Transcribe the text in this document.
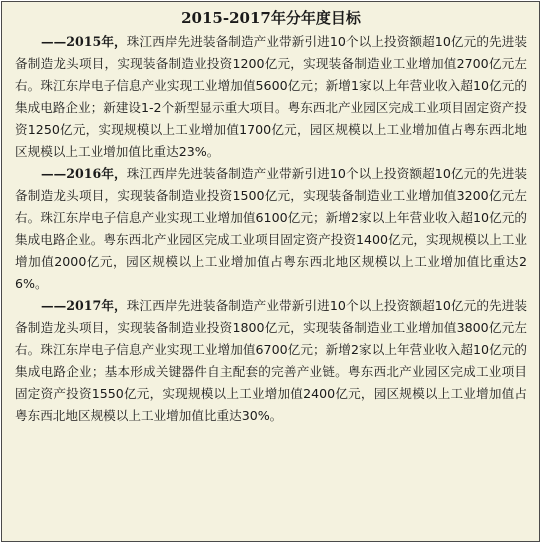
2015-2017年分年度目标

——2015年，珠江西岸先进装备制造产业带新引进10个以上投资额超10亿元的先进装备制造龙头项目，实现装备制造业投资1200亿元，实现装备制造业工业增加值2700亿元左右。珠江东岸电子信息产业实现工业增加值5600亿元；新增1家以上年营业收入超10亿元的集成电路企业；新建设1-2个新型显示重大项目。粤东西北产业园区完成工业项目固定资产投资1250亿元，实现规模以上工业增加值1700亿元，园区规模以上工业增加值占粤东西北地区规模以上工业增加值比重达23%。

——2016年，珠江西岸先进装备制造产业带新引进10个以上投资额超10亿元的先进装备制造龙头项目，实现装备制造业投资1500亿元，实现装备制造业工业增加值3200亿元左右。珠江东岸电子信息产业实现工业增加值6100亿元；新增2家以上年营业收入超10亿元的集成电路企业。粤东西北产业园区完成工业项目固定资产投资1400亿元，实现规模以上工业增加值2000亿元，园区规模以上工业增加值占粤东西北地区规模以上工业增加值比重达26%。

——2017年，珠江西岸先进装备制造产业带新引进10个以上投资额超10亿元的先进装备制造龙头项目，实现装备制造业投资1800亿元，实现装备制造业工业增加值3800亿元左右。珠江东岸电子信息产业实现工业增加值6700亿元；新增2家以上年营业收入超10亿元的集成电路企业；基本形成关键器件自主配套的完善产业链。粤东西北产业园区完成工业项目固定资产投资1550亿元，实现规模以上工业增加值2400亿元，园区规模以上工业增加值占粤东西北地区规模以上工业增加值比重达30%。
